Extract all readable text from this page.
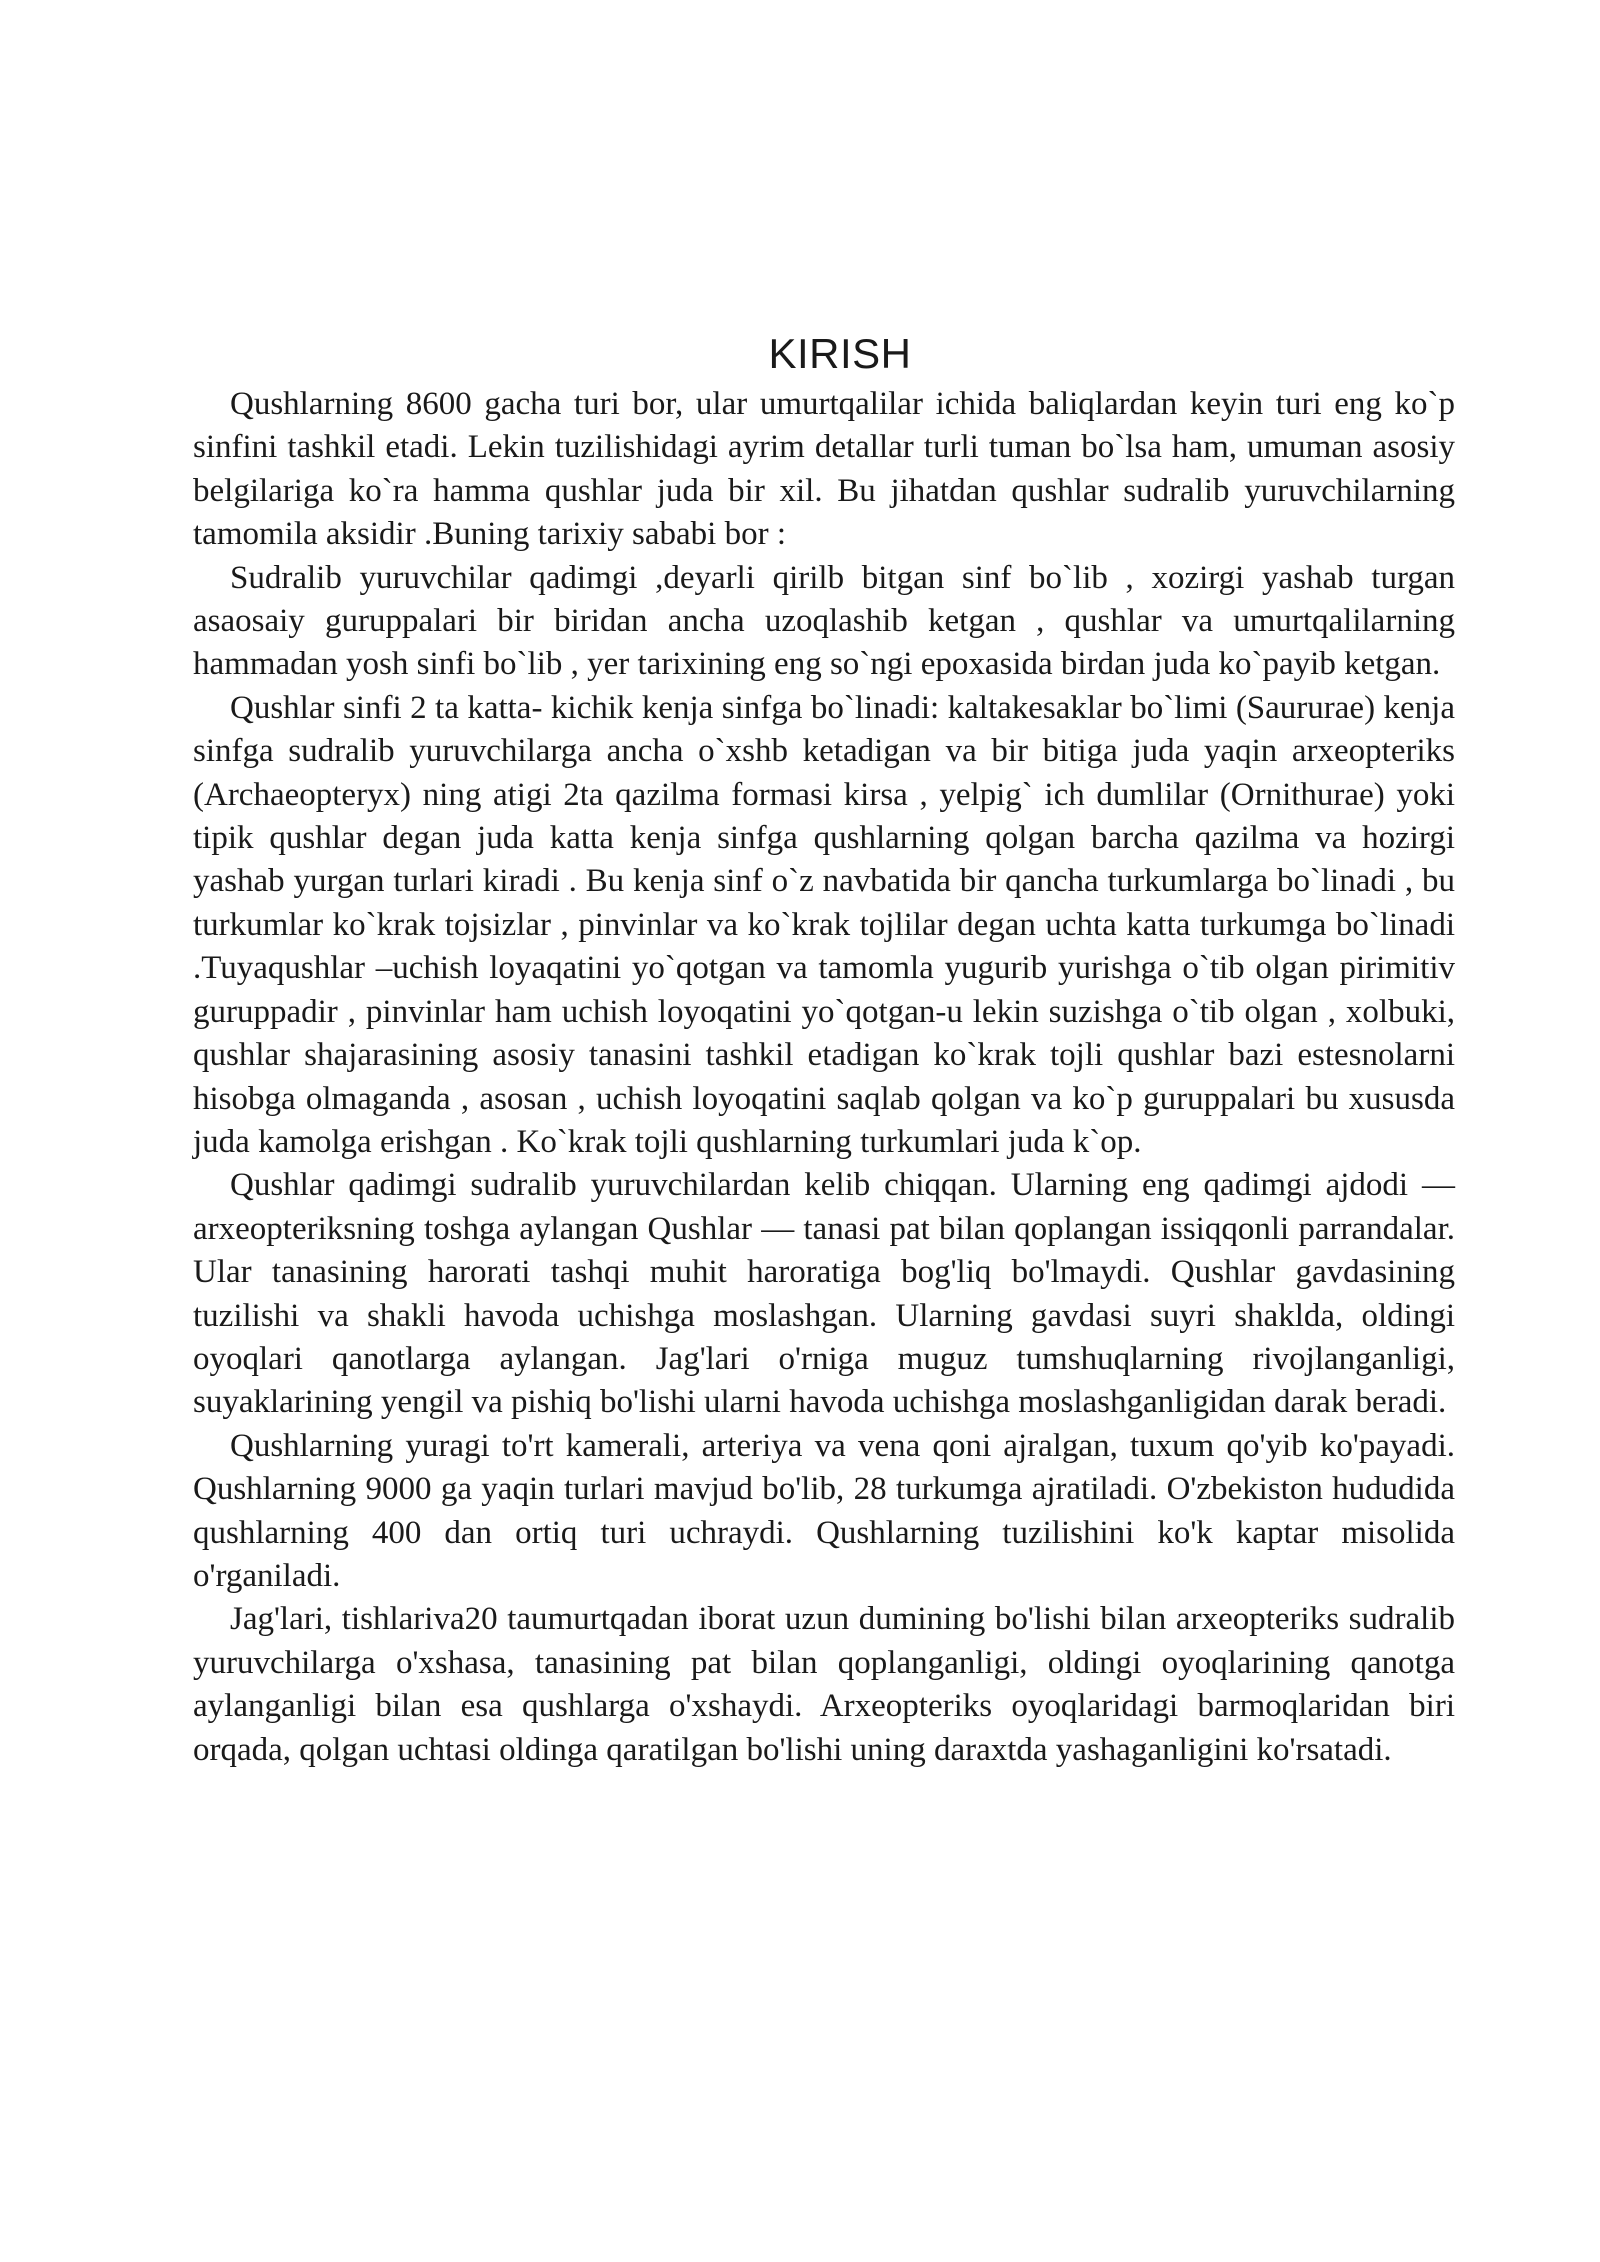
KIRISH

Qushlarning 8600 gacha turi bor, ular umurtqalilar ichida baliqlardan keyin turi eng ko`p sinfini tashkil etadi. Lekin tuzilishidagi ayrim detallar turli tuman bo`lsa ham, umuman asosiy belgilariga ko`ra hamma qushlar juda bir xil. Bu jihatdan qushlar sudralib yuruvchilarning tamomila aksidir .Buning tarixiy sababi bor :

Sudralib yuruvchilar qadimgi ,deyarli qirilb bitgan sinf bo`lib , xozirgi yashab turgan asaosaiy guruppalari bir biridan ancha uzoqlashib ketgan , qushlar va umurtqalilarning hammadan yosh sinfi bo`lib , yer tarixining eng so`ngi epoxasida birdan juda ko`payib ketgan.

Qushlar sinfi 2 ta katta- kichik kenja sinfga bo`linadi: kaltakesaklar bo`limi (Saururae) kenja sinfga sudralib yuruvchilarga ancha o`xshb ketadigan va bir bitiga juda yaqin arxeopteriks (Archaeopteryx) ning atigi 2ta qazilma formasi kirsa , yelpig` ich dumlilar (Ornithurae) yoki tipik qushlar degan juda katta kenja sinfga qushlarning qolgan barcha qazilma va hozirgi yashab yurgan turlari kiradi . Bu kenja sinf o`z navbatida bir qancha turkumlarga bo`linadi , bu turkumlar ko`krak tojsizlar , pinvinlar va ko`krak tojlilar degan uchta katta turkumga bo`linadi .Tuyaqushlar –uchish loyaqatini yo`qotgan va tamomla yugurib yurishga o`tib olgan pirimitiv guruppadir , pinvinlar ham uchish loyoqatini yo`qotgan-u lekin suzishga o`tib olgan , xolbuki, qushlar shajarasining asosiy tanasini tashkil etadigan ko`krak tojli qushlar bazi estesnolarni hisobga olmaganda , asosan , uchish loyoqatini saqlab qolgan va ko`p guruppalari bu xususda juda kamolga erishgan . Ko`krak tojli qushlarning turkumlari juda k`op.

Qushlar qadimgi sudralib yuruvchilardan kelib chiqqan. Ularning eng qadimgi ajdodi — arxeopteriksning toshga aylangan Qushlar — tanasi pat bilan qoplangan issiqqonli parrandalar. Ular tanasining harorati tashqi muhit haroratiga bog'liq bo'lmaydi. Qushlar gavdasining tuzilishi va shakli havoda uchishga moslashgan. Ularning gavdasi suyri shaklda, oldingi oyoqlari qanotlarga aylangan. Jag'lari o'rniga muguz tumshuqlarning rivojlanganligi, suyaklarining yengil va pishiq bo'lishi ularni havoda uchishga moslashganligidan darak beradi.

Qushlarning yuragi to'rt kamerali, arteriya va vena qoni ajralgan, tuxum qo'yib ko'payadi. Qushlarning 9000 ga yaqin turlari mavjud bo'lib, 28 turkumga ajratiladi. O'zbekiston hududida qushlarning 400 dan ortiq turi uchraydi. Qushlarning tuzilishini ko'k kaptar misolida o'rganiladi.

Jag'lari, tishlariva20 taumurtqadan iborat uzun dumining bo'lishi bilan arxeopteriks sudralib yuruvchilarga o'xshasa, tanasining pat bilan qoplanganligi, oldingi oyoqlarining qanotga aylanganligi bilan esa qushlarga o'xshaydi. Arxeopteriks oyoqlaridagi barmoqlaridan biri orqada, qolgan uchtasi oldinga qaratilgan bo'lishi uning daraxtda yashaganligini ko'rsatadi.
